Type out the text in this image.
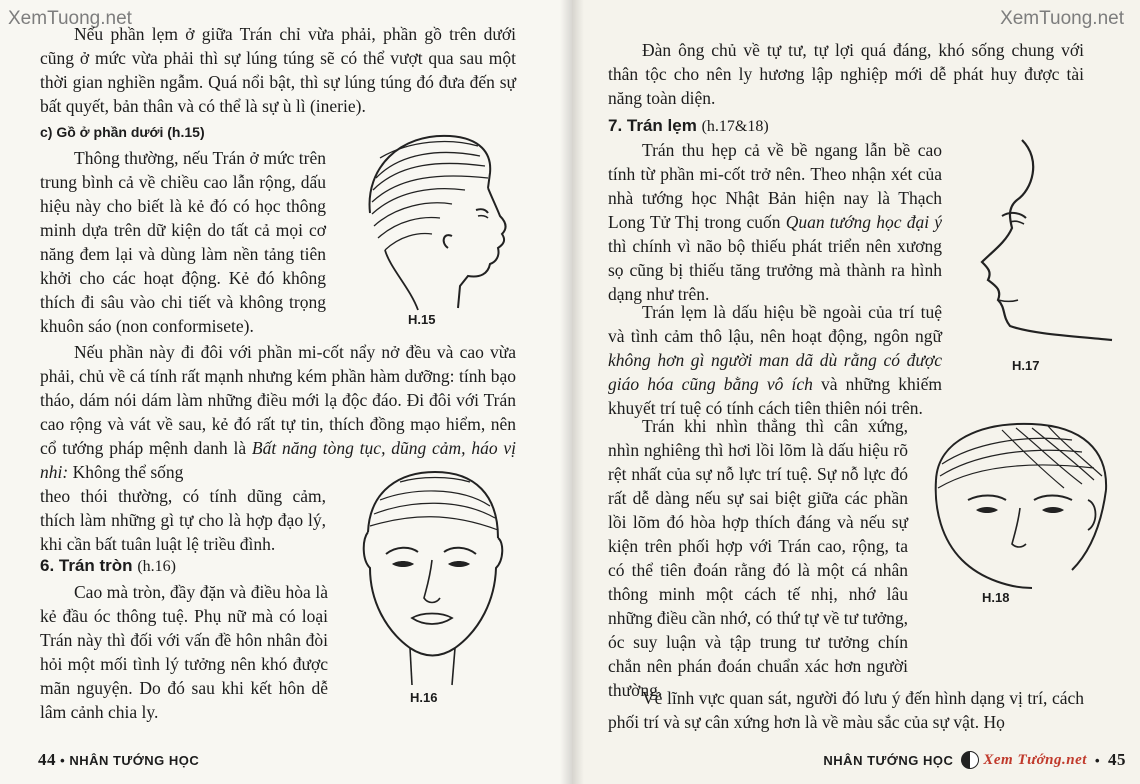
XemTuong.net

Nếu phần lẹm ở giữa Trán chỉ vừa phải, phần gồ trên dưới cũng ở mức vừa phải thì sự lúng túng sẽ có thể vượt qua sau một thời gian nghiền ngẫm. Quá nổi bật, thì sự lúng túng đó đưa đến sự bất quyết, bản thân và có thể là sự ù lì (inerie).

c) Gồ ở phần dưới (h.15)

Thông thường, nếu Trán ở mức trên trung bình cả về chiều cao lẫn rộng, dấu hiệu này cho biết là kẻ đó có học thông minh dựa trên dữ kiện do tất cả mọi cơ năng đem lại và dùng làm nền tảng tiên khởi cho các hoạt động. Kẻ đó không thích đi sâu vào chi tiết và không trọng khuôn sáo (non conformisete).	H.15

Nếu phần này đi đôi với phần mi-cốt nẩy nở đều và cao vừa phải, chủ về cá tính rất mạnh nhưng kém phần hàm dưỡng: tính bạo tháo, dám nói dám làm những điều mới lạ độc đáo. Đi đôi với Trán cao rộng và vát về sau, kẻ đó rất tự tin, thích đồng mạo hiểm, nên cổ tướng pháp mệnh danh là Bất năng tòng tục, dũng cảm, háo vị nhi: Không thể sống

theo thói thường, có tính dũng cảm, thích làm những gì tự cho là hợp đạo lý, khi cần bất tuân luật lệ triều đình.

6. Trán tròn (h.16)

Cao mà tròn, đầy đặn và điều hòa là kẻ đầu óc thông tuệ. Phụ nữ mà có loại Trán này thì đối với vấn đề hôn nhân đòi hỏi một mối tình lý tưởng nên khó được mãn nguyện. Do đó sau khi kết hôn dễ lâm cảnh chia ly.

H.16
44 • NHÂN TƯỚNG HỌC
XemTuong.net

Đàn ông chủ về tự tư, tự lợi quá đáng, khó sống chung với thân tộc cho nên ly hương lập nghiệp mới dễ phát huy được tài năng toàn diện.

7. Trán lẹm (h.17&18)

Trán thu hẹp cả về bề ngang lẫn bề cao tính từ phần mi-cốt trở nên. Theo nhận xét của nhà tướng học Nhật Bản hiện nay là Thạch Long Tử Thị trong cuốn Quan tướng học đại ý thì chính vì não bộ thiếu phát triển nên xương sọ cũng bị thiếu tăng trưởng mà thành ra hình dạng như trên.

Trán lẹm là dấu hiệu bề ngoài của trí tuệ và tình cảm thô lậu, nên hoạt động, ngôn ngữ không hơn gì người man dã dù rằng có được giáo hóa cũng bằng vô ích và những khiếm khuyết trí tuệ có tính cách tiên thiên nói trên.

H.17

Trán khi nhìn thẳng thì cân xứng, nhìn nghiêng thì hơi lồi lõm là dấu hiệu rõ rệt nhất của sự nỗ lực trí tuệ. Sự nỗ lực đó rất dễ dàng nếu sự sai biệt giữa các phần lồi lõm đó hòa hợp thích đáng và nếu sự kiện trên phối hợp với Trán cao, rộng, ta có thể tiên đoán rằng đó là một cá nhân thông minh một cách tế nhị, nhớ lâu những điều cần nhớ, có thứ tự về tư tưởng, óc suy luận và tập trung tư tưởng chín chắn nên phán đoán chuẩn xác hơn người thường.

H.18

Về lĩnh vực quan sát, người đó lưu ý đến hình dạng vị trí, cách phối trí và sự cân xứng hơn là về màu sắc của sự vật. Họ

NHÂN TƯỚNG HỌC Xem Tướng.net • 45
